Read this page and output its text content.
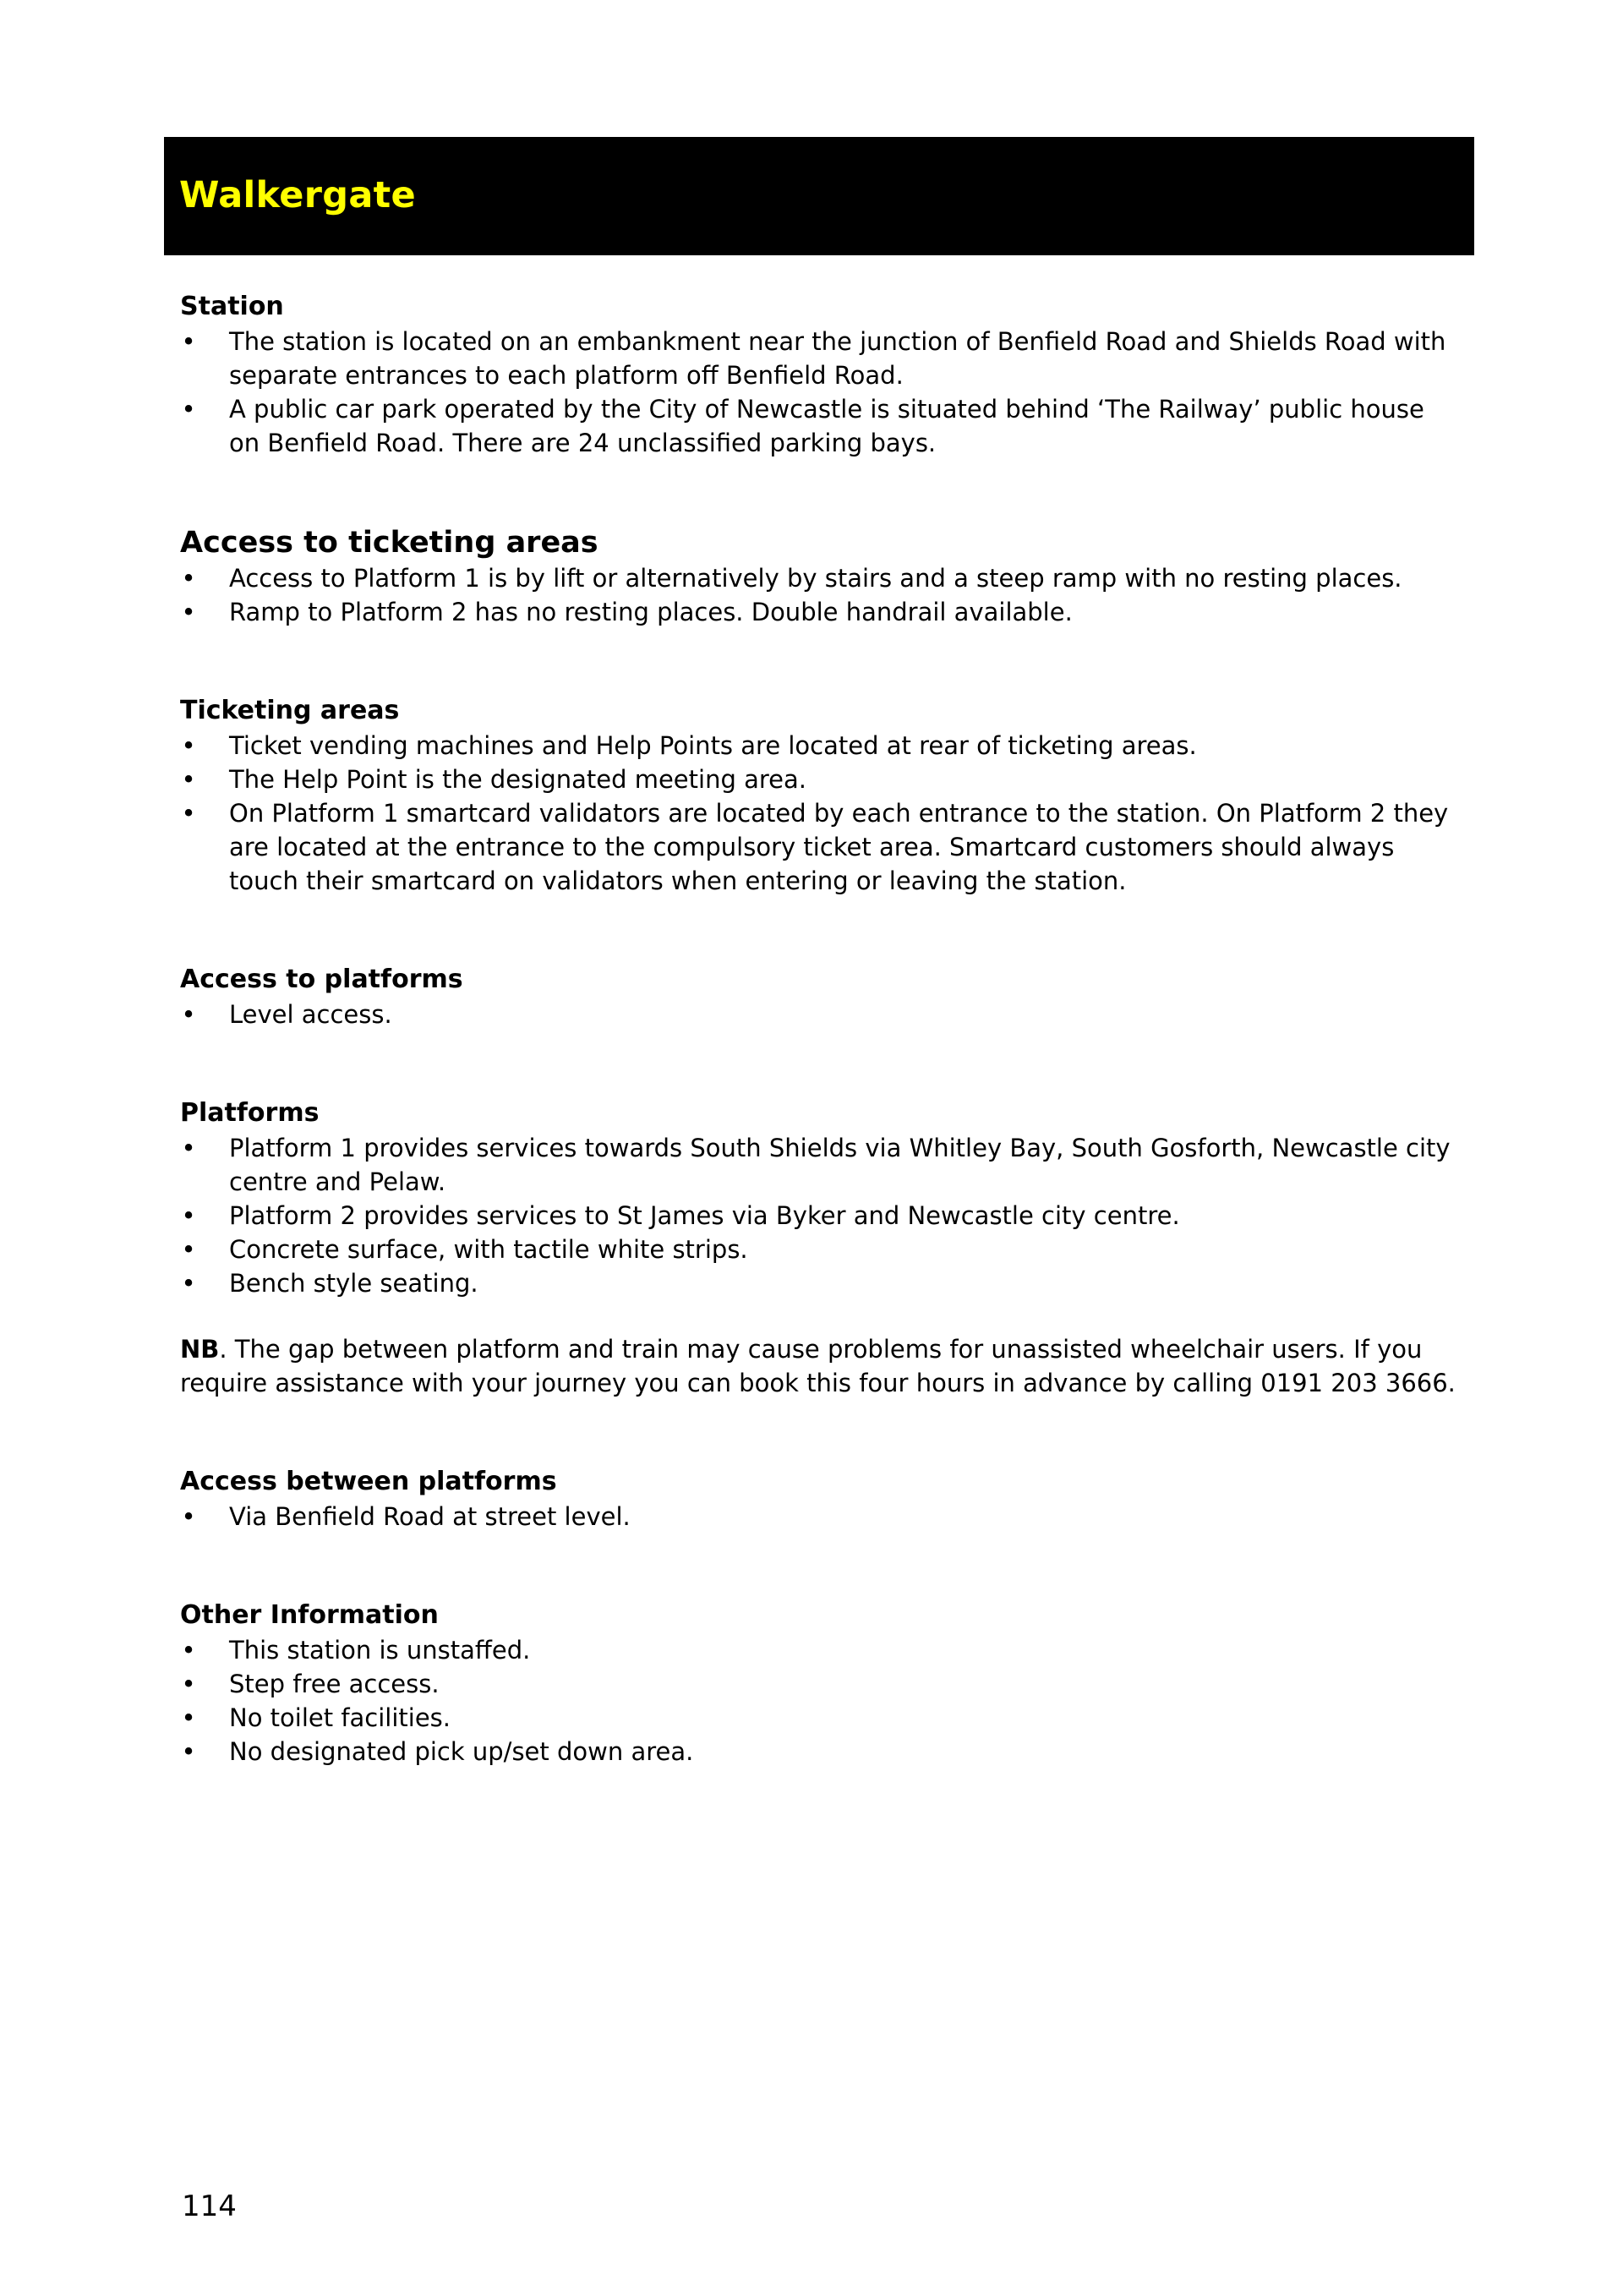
Walkergate

Station

• The station is located on an embankment near the junction of Benfield Road and Shields Road with separate entrances to each platform off Benfield Road.
• A public car park operated by the City of Newcastle is situated behind ‘The Railway’ public house on Benfield Road. There are 24 unclassified parking bays.

Access to ticketing areas

• Access to Platform 1 is by lift or alternatively by stairs and a steep ramp with no resting places.
• Ramp to Platform 2 has no resting places. Double handrail available.

Ticketing areas

• Ticket vending machines and Help Points are located at rear of ticketing areas.
• The Help Point is the designated meeting area.
• On Platform 1 smartcard validators are located by each entrance to the station. On Platform 2 they are located at the entrance to the compulsory ticket area. Smartcard customers should always touch their smartcard on validators when entering or leaving the station.

Access to platforms

• Level access.

Platforms

• Platform 1 provides services towards South Shields via Whitley Bay, South Gosforth, Newcastle city centre and Pelaw.
• Platform 2 provides services to St James via Byker and Newcastle city centre.
• Concrete surface, with tactile white strips.
• Bench style seating.

NB. The gap between platform and train may cause problems for unassisted wheelchair users. If you require assistance with your journey you can book this four hours in advance by calling 0191 203 3666.

Access between platforms

• Via Benfield Road at street level.

Other Information

• This station is unstaffed.
• Step free access.
• No toilet facilities.
• No designated pick up/set down area.
114
